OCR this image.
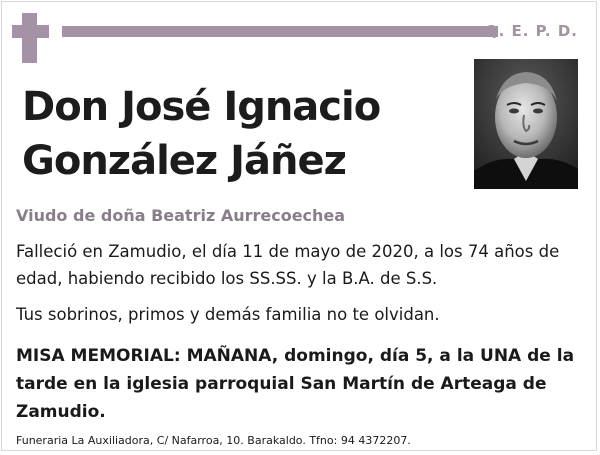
Q. E. P. D.
Don José Ignacio
González Jáñez
Viudo de doña Beatriz Aurrecoechea
Falleció en Zamudio, el día 11 de mayo de 2020, a los 74 años de edad, habiendo recibido los SS.SS. y la B.A. de S.S.
Tus sobrinos, primos y demás familia no te olvidan.
MISA MEMORIAL: MAÑANA, domingo, día 5, a la UNA de la tarde en la iglesia parroquial San Martín de Arteaga de Zamudio.
Funeraria La Auxiliadora, C/ Nafarroa, 10. Barakaldo. Tfno: 94 4372207.
